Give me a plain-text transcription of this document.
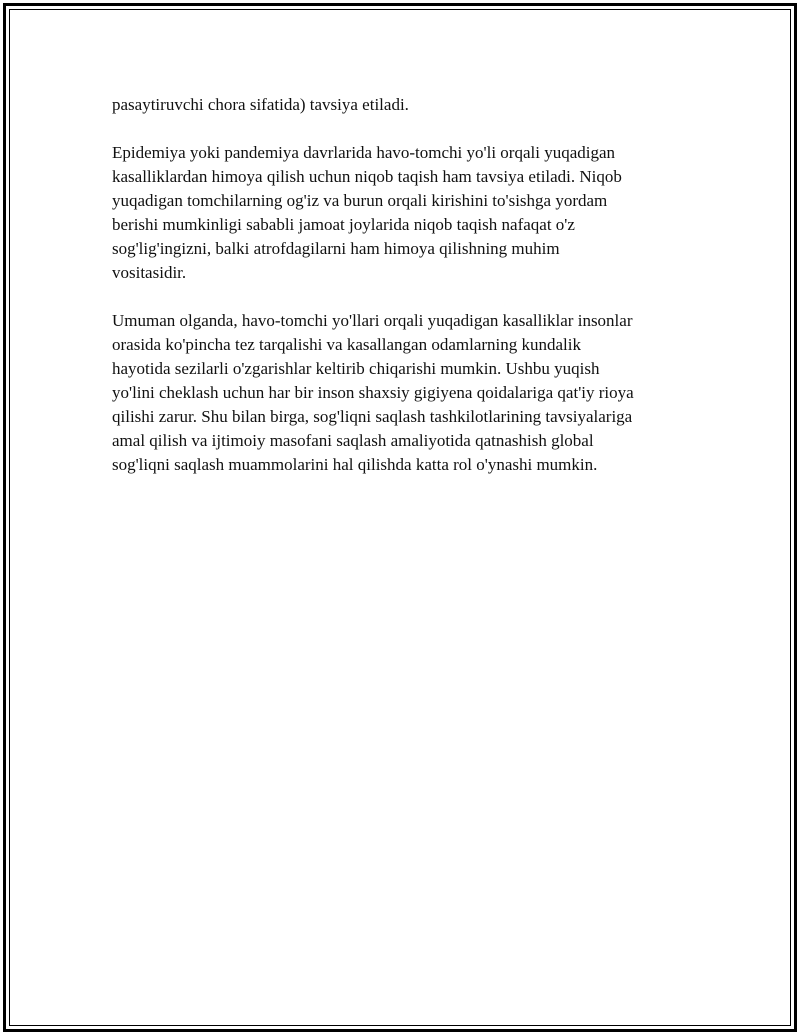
pasaytiruvchi chora sifatida) tavsiya etiladi.

Epidemiya yoki pandemiya davrlarida havo-tomchi yo'li orqali yuqadigan
kasalliklardan himoya qilish uchun niqob taqish ham tavsiya etiladi. Niqob
yuqadigan tomchilarning og'iz va burun orqali kirishini to'sishga yordam
berishi mumkinligi sababli jamoat joylarida niqob taqish nafaqat o'z
sog'lig'ingizni, balki atrofdagilarni ham himoya qilishning muhim
vositasidir.

Umuman olganda, havo-tomchi yo'llari orqali yuqadigan kasalliklar insonlar
orasida ko'pincha tez tarqalishi va kasallangan odamlarning kundalik
hayotida sezilarli o'zgarishlar keltirib chiqarishi mumkin. Ushbu yuqish
yo'lini cheklash uchun har bir inson shaxsiy gigiyena qoidalariga qat'iy rioya
qilishi zarur. Shu bilan birga, sog'liqni saqlash tashkilotlarining tavsiyalariga
amal qilish va ijtimoiy masofani saqlash amaliyotida qatnashish global
sog'liqni saqlash muammolarini hal qilishda katta rol o'ynashi mumkin.
